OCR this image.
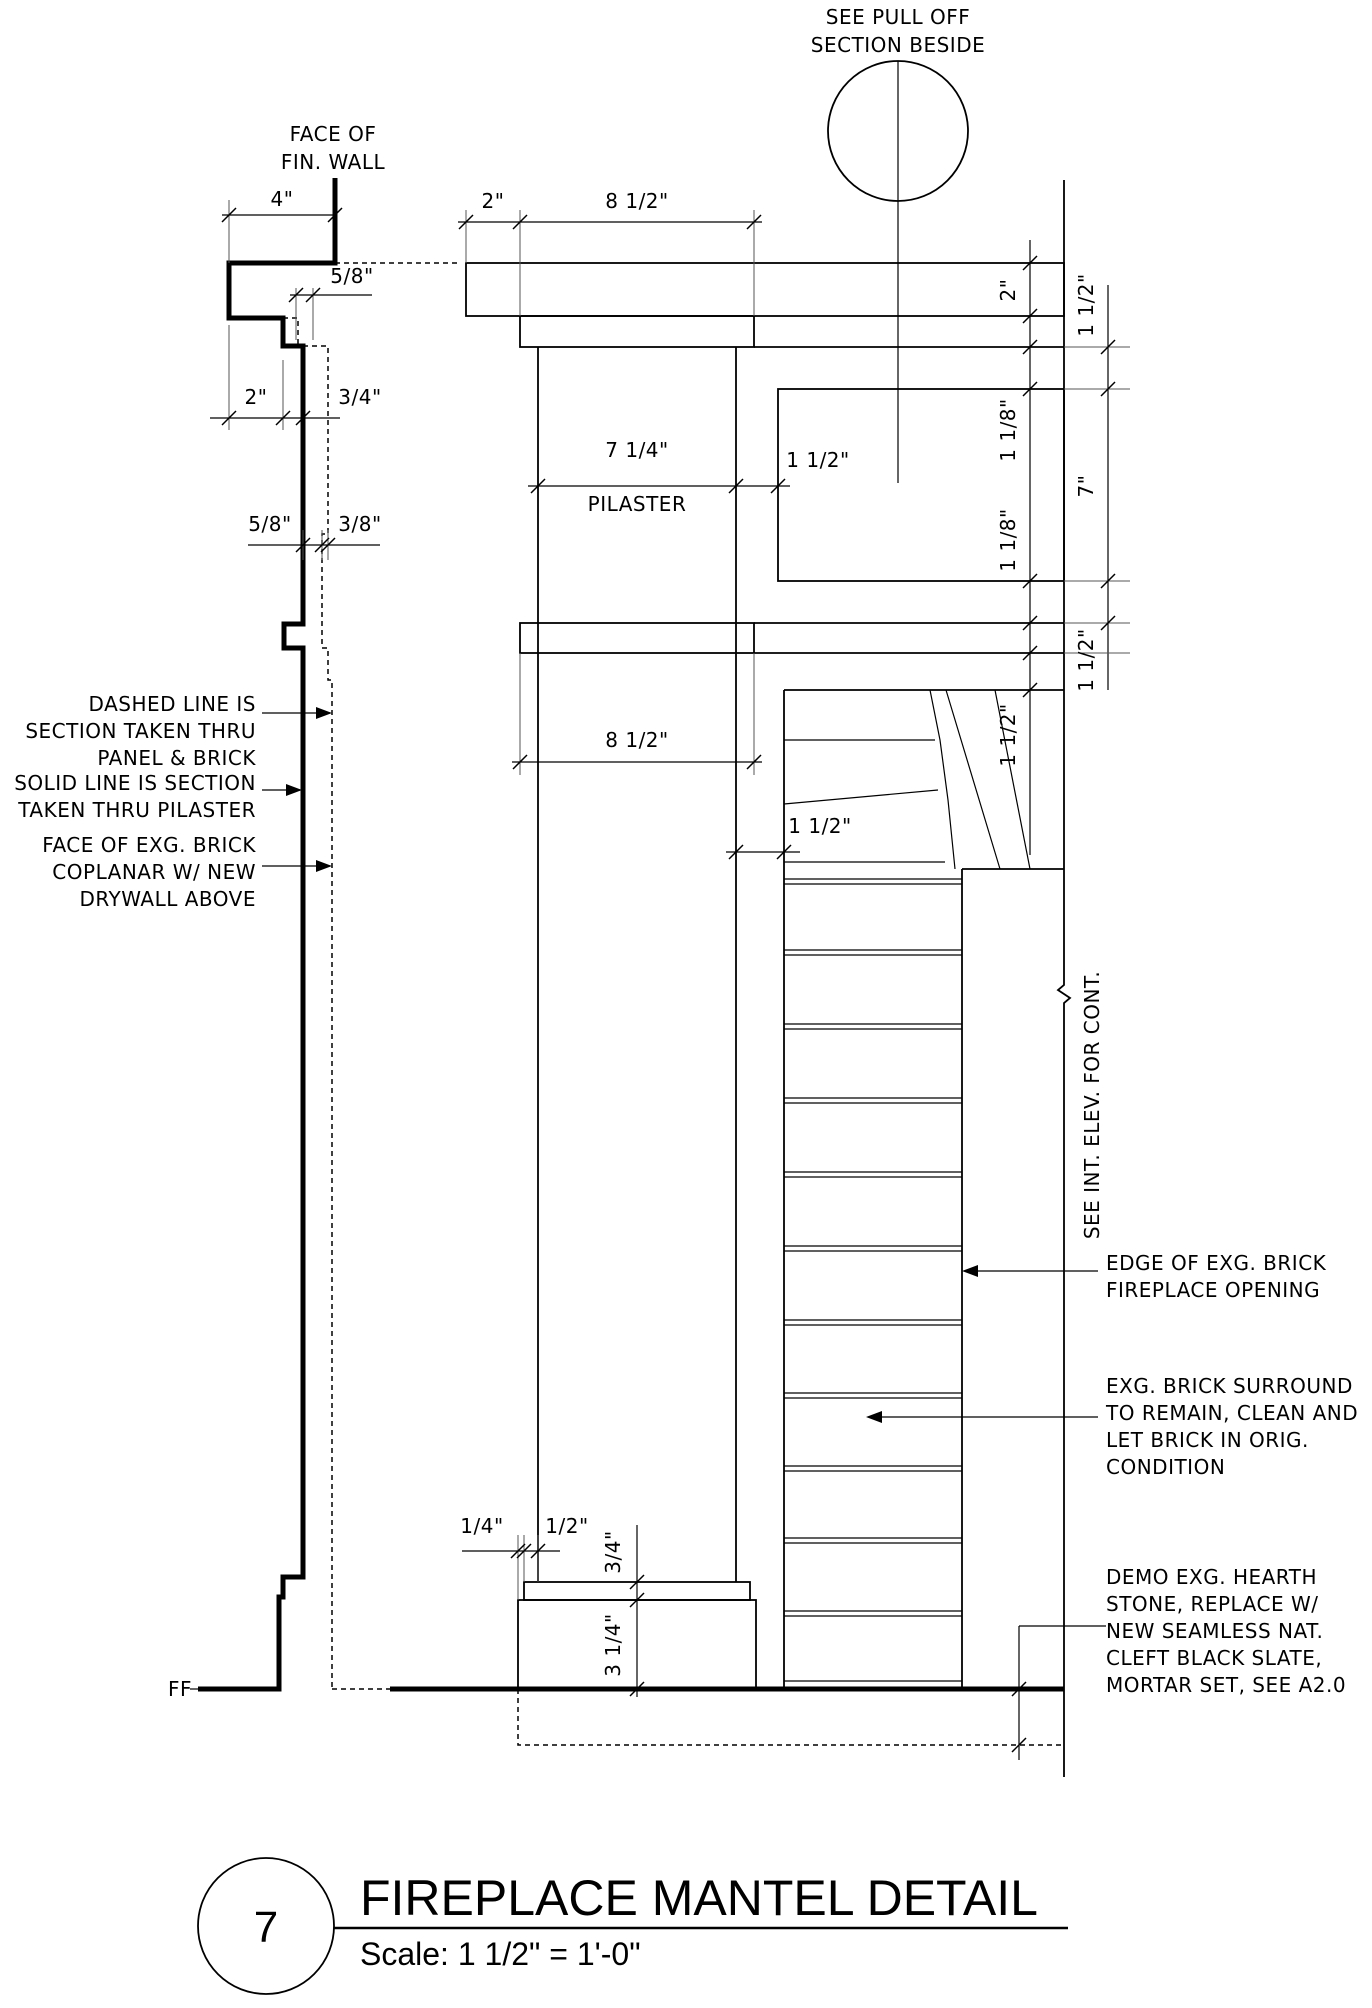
SEE PULL OFF
SECTION BESIDE
FACE OF
FIN. WALL
FF
4"
5/8"
2"	3/4"
5/8" 3/8"
DASHED LINE IS
SECTION TAKEN THRU
PANEL & BRICK
SOLID LINE IS SECTION
TAKEN THRU PILASTER
FACE OF EXG. BRICK
COPLANAR W/ NEW
DRYWALL ABOVE
PILASTER
2"	8 1/2"
7 1/4"	1 1/2"
8 1/2"
1 1/2"
1/4" 1/2"
3/4"
3 1/4"
2"
1 1/8"
1 1/8"
1 1/2"
1 1/2"
7"
1 1/2"
SEE INT. ELEV. FOR CONT.
EDGE OF EXG. BRICK
FIREPLACE OPENING
EXG. BRICK SURROUND
TO REMAIN, CLEAN AND
LET BRICK IN ORIG.
CONDITION
DEMO EXG. HEARTH
STONE, REPLACE W/
NEW SEAMLESS NAT.
CLEFT BLACK SLATE,
MORTAR SET, SEE A2.0
7
FIREPLACE MANTEL DETAIL
Scale: 1 1/2" = 1'-0"
